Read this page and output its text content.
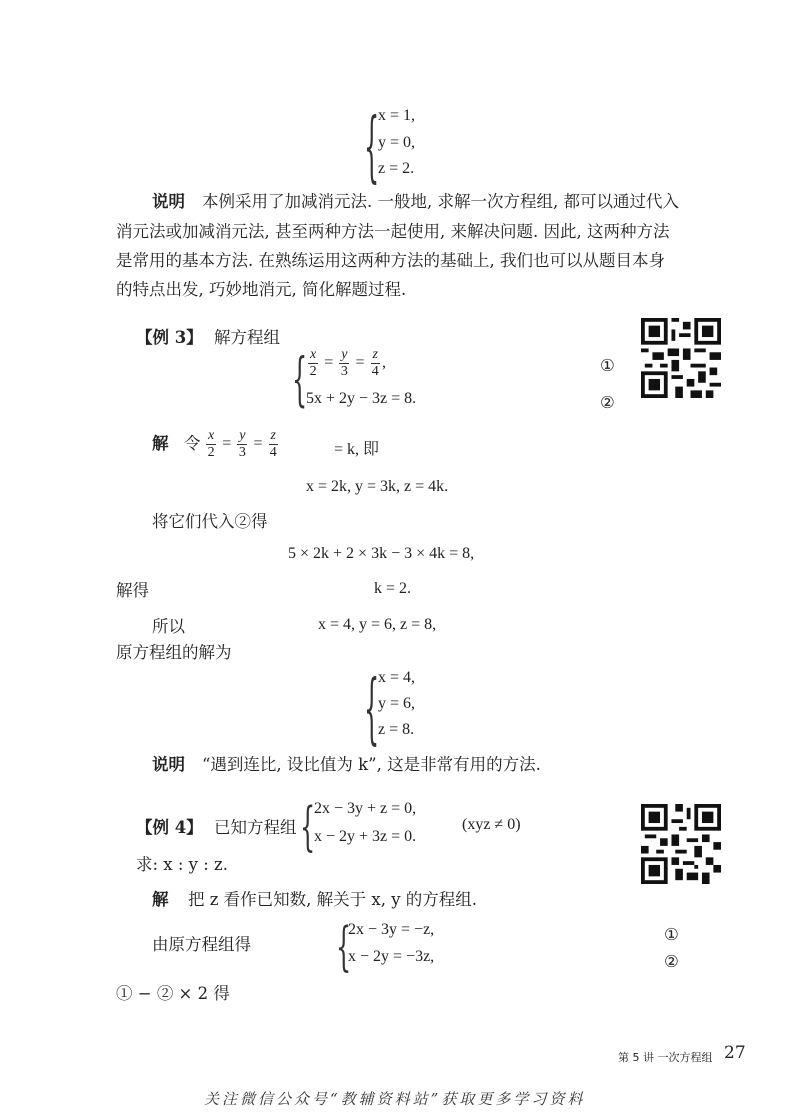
{
x = 1,
y = 0,
z = 2.
说明 本例采用了加减消元法. 一般地, 求解一次方程组, 都可以通过代入
消元法或加减消元法, 甚至两种方法一起使用, 来解决问题. 因此, 这两种方法
是常用的基本方法. 在熟练运用这两种方法的基础上, 我们也可以从题目本身
的特点出发, 巧妙地消元, 简化解题过程.
【例 3】 解方程组
{ $\frac{x}{2} = \frac{y}{3} = \frac{z}{4}$ ,
5x + 2y − 3z = 8.
①
②
解 令 $\frac{x}{2} = \frac{y}{3} = \frac{z}{4}$	= k, 即
x = 2k, y = 3k, z = 4k.
将它们代入②得
5 × 2k + 2 × 3k − 3 × 4k = 8,
解得	k = 2.
所以	x = 4, y = 6, z = 8,
原方程组的解为
{
x = 4,
y = 6,
z = 8.
说明 “遇到连比, 设比值为 k”, 这是非常有用的方法.
【例 4】 已知方程组 {
2x − 3y + z = 0,
x − 2y + 3z = 0.
(xyz ≠ 0)
求: x : y : z.
解 把 z 看作已知数, 解关于 x, y 的方程组.
由原方程组得	{
2x − 3y = −z,
x − 2y = −3z,
①
②
① − ② × 2 得
第 5 讲 一次方程组 27
关注微信公众号“教辅资料站”获取更多学习资料
